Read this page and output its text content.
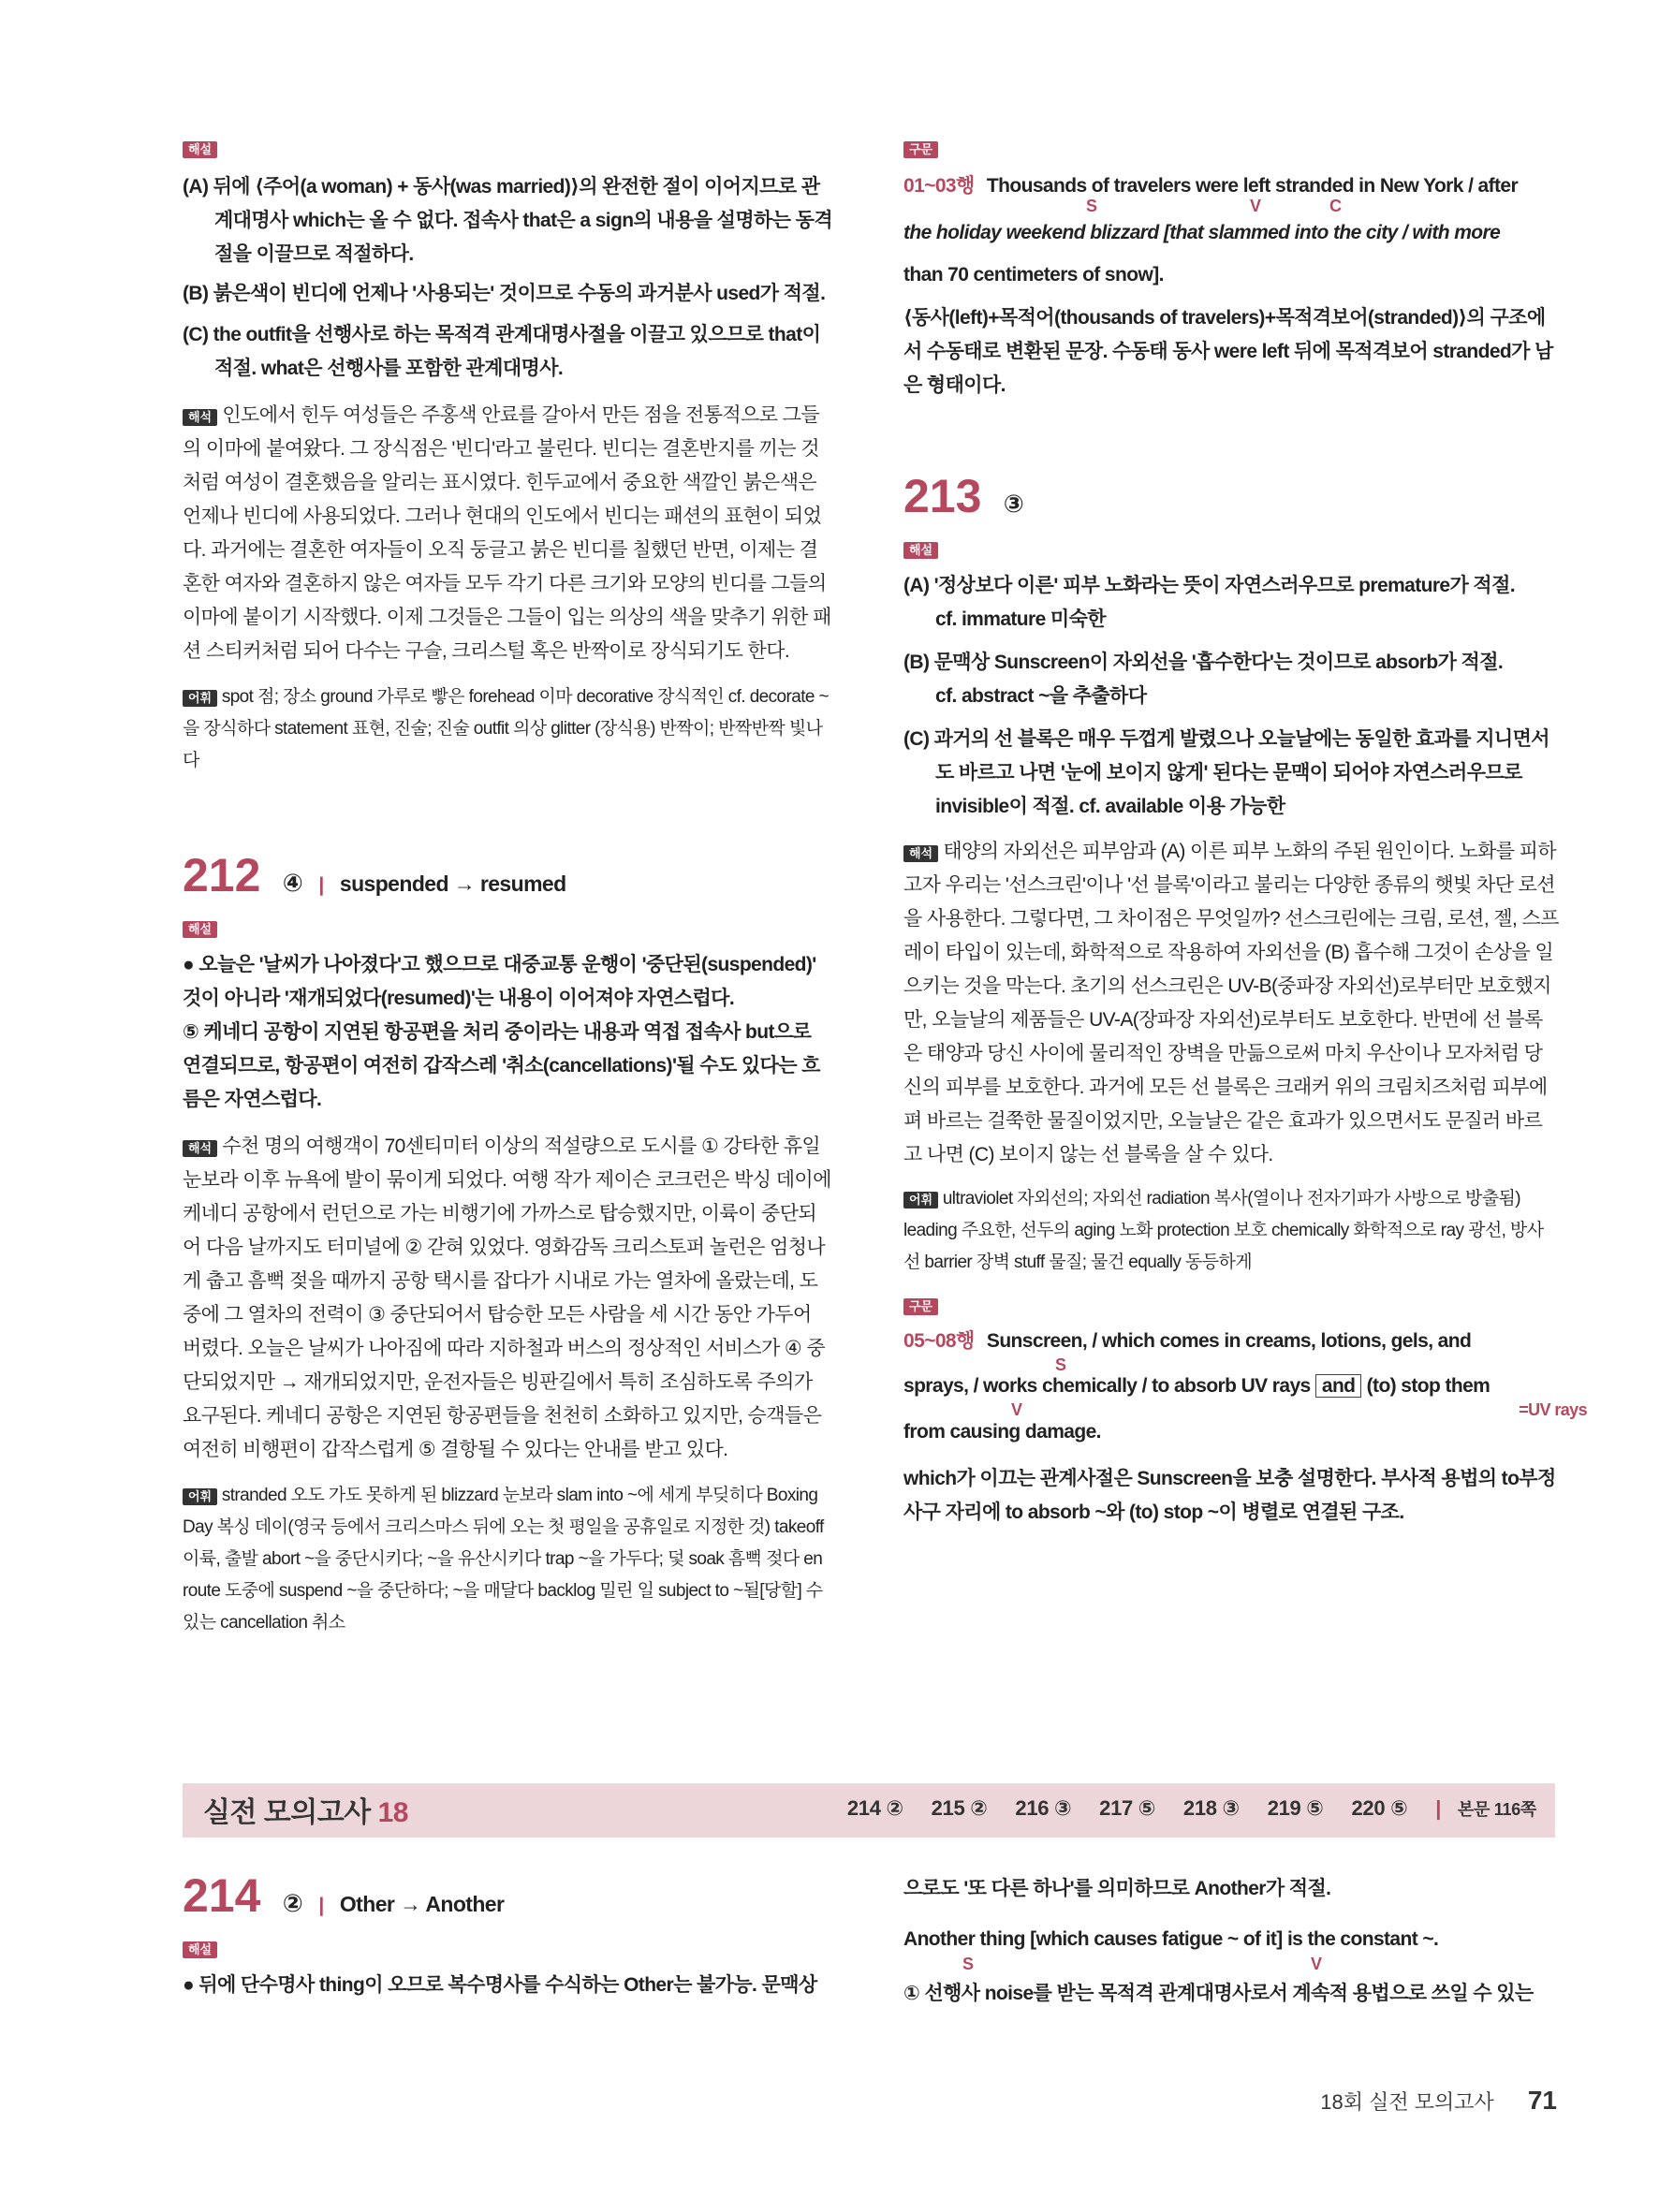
해설

(A) 뒤에 ⟨주어(a woman) + 동사(was married)⟩의 완전한 절이 이어지므로 관계대명사 which는 올 수 없다. 접속사 that은 a sign의 내용을 설명하는 동격절을 이끌므로 적절하다.

(B) 붉은색이 빈디에 언제나 '사용되는' 것이므로 수동의 과거분사 used가 적절.

(C) the outfit을 선행사로 하는 목적격 관계대명사절을 이끌고 있으므로 that이 적절. what은 선행사를 포함한 관계대명사.

해석 인도에서 힌두 여성들은 주홍색 안료를 갈아서 만든 점을 전통적으로 그들의 이마에 붙여왔다. 그 장식점은 '빈디'라고 불린다. 빈디는 결혼반지를 끼는 것처럼 여성이 결혼했음을 알리는 표시였다. 힌두교에서 중요한 색깔인 붉은색은 언제나 빈디에 사용되었다. 그러나 현대의 인도에서 빈디는 패션의 표현이 되었다. 과거에는 결혼한 여자들이 오직 둥글고 붉은 빈디를 칠했던 반면, 이제는 결혼한 여자와 결혼하지 않은 여자들 모두 각기 다른 크기와 모양의 빈디를 그들의 이마에 붙이기 시작했다. 이제 그것들은 그들이 입는 의상의 색을 맞추기 위한 패션 스티커처럼 되어 다수는 구슬, 크리스털 혹은 반짝이로 장식되기도 한다.

어휘 spot 점; 장소 ground 가루로 빻은 forehead 이마 decorative 장식적인 cf. decorate ~을 장식하다 statement 표현, 진술; 진술 outfit 의상 glitter (장식용) 반짝이; 반짝반짝 빛나다

212 ④ | suspended → resumed
해설

● 오늘은 '날씨가 나아졌다'고 했으므로 대중교통 운행이 '중단된(suspended)' 것이 아니라 '재개되었다(resumed)'는 내용이 이어져야 자연스럽다.

⑤ 케네디 공항이 지연된 항공편을 처리 중이라는 내용과 역접 접속사 but으로 연결되므로, 항공편이 여전히 갑작스레 '취소(cancellations)'될 수도 있다는 흐름은 자연스럽다.

해석 수천 명의 여행객이 70센티미터 이상의 적설량으로 도시를 ① 강타한 휴일 눈보라 이후 뉴욕에 발이 묶이게 되었다. 여행 작가 제이슨 코크런은 박싱 데이에 케네디 공항에서 런던으로 가는 비행기에 가까스로 탑승했지만, 이륙이 중단되어 다음 날까지도 터미널에 ② 갇혀 있었다. 영화감독 크리스토퍼 놀런은 엄청나게 춥고 흠뻑 젖을 때까지 공항 택시를 잡다가 시내로 가는 열차에 올랐는데, 도중에 그 열차의 전력이 ③ 중단되어서 탑승한 모든 사람을 세 시간 동안 가두어 버렸다. 오늘은 날씨가 나아짐에 따라 지하철과 버스의 정상적인 서비스가 ④ 중단되었지만 → 재개되었지만, 운전자들은 빙판길에서 특히 조심하도록 주의가 요구된다. 케네디 공항은 지연된 항공편들을 천천히 소화하고 있지만, 승객들은 여전히 비행편이 갑작스럽게 ⑤ 결항될 수 있다는 안내를 받고 있다.

어휘 stranded 오도 가도 못하게 된 blizzard 눈보라 slam into ~에 세게 부딪히다 Boxing Day 복싱 데이(영국 등에서 크리스마스 뒤에 오는 첫 평일을 공휴일로 지정한 것) takeoff 이륙, 출발 abort ~을 중단시키다; ~을 유산시키다 trap ~을 가두다; 덫 soak 흠뻑 젖다 en route 도중에 suspend ~을 중단하다; ~을 매달다 backlog 밀린 일 subject to ~될[당할] 수 있는 cancellation 취소

구문

01~03행 Thousands of travelers were left stranded in New York / after

S	V	C

the holiday weekend blizzard [that slammed into the city / with more

than 70 centimeters of snow].

⟨동사(left)+목적어(thousands of travelers)+목적격보어(stranded)⟩의 구조에서 수동태로 변환된 문장. 수동태 동사 were left 뒤에 목적격보어 stranded가 남은 형태이다.

213 ③
해설

(A) '정상보다 이른' 피부 노화라는 뜻이 자연스러우므로 premature가 적절.

cf. immature 미숙한

(B) 문맥상 Sunscreen이 자외선을 '흡수한다'는 것이므로 absorb가 적절.

cf. abstract ~을 추출하다

(C) 과거의 선 블록은 매우 두껍게 발렸으나 오늘날에는 동일한 효과를 지니면서도 바르고 나면 '눈에 보이지 않게' 된다는 문맥이 되어야 자연스러우므로 invisible이 적절. cf. available 이용 가능한

해석 태양의 자외선은 피부암과 (A) 이른 피부 노화의 주된 원인이다. 노화를 피하고자 우리는 '선스크린'이나 '선 블록'이라고 불리는 다양한 종류의 햇빛 차단 로션을 사용한다. 그렇다면, 그 차이점은 무엇일까? 선스크린에는 크림, 로션, 젤, 스프레이 타입이 있는데, 화학적으로 작용하여 자외선을 (B) 흡수해 그것이 손상을 일으키는 것을 막는다. 초기의 선스크린은 UV-B(중파장 자외선)로부터만 보호했지만, 오늘날의 제품들은 UV-A(장파장 자외선)로부터도 보호한다. 반면에 선 블록은 태양과 당신 사이에 물리적인 장벽을 만듦으로써 마치 우산이나 모자처럼 당신의 피부를 보호한다. 과거에 모든 선 블록은 크래커 위의 크림치즈처럼 피부에 펴 바르는 걸쭉한 물질이었지만, 오늘날은 같은 효과가 있으면서도 문질러 바르고 나면 (C) 보이지 않는 선 블록을 살 수 있다.

어휘 ultraviolet 자외선의; 자외선 radiation 복사(열이나 전자기파가 사방으로 방출됨) leading 주요한, 선두의 aging 노화 protection 보호 chemically 화학적으로 ray 광선, 방사선 barrier 장벽 stuff 물질; 물건 equally 동등하게

구문

05~08행 Sunscreen, / which comes in creams, lotions, gels, and

S

sprays, / works chemically / to absorb UV rays and (to) stop them

V	=UV rays

from causing damage.

which가 이끄는 관계사절은 Sunscreen을 보충 설명한다. 부사적 용법의 to부정사구 자리에 to absorb ~와 (to) stop ~이 병렬로 연결된 구조.

실전 모의고사 18	214 ② 215 ② 216 ③ 217 ⑤ 218 ③ 219 ⑤ 220 ⑤ | 본문 116쪽
214 ② | Other → Another
해설

● 뒤에 단수명사 thing이 오므로 복수명사를 수식하는 Other는 불가능. 문맥상

으로도 '또 다른 하나'를 의미하므로 Another가 적절.

Another thing [which causes fatigue ~ of it] is the constant ~.

S	V

① 선행사 noise를 받는 목적격 관계대명사로서 계속적 용법으로 쓰일 수 있는

18회 실전 모의고사 71
